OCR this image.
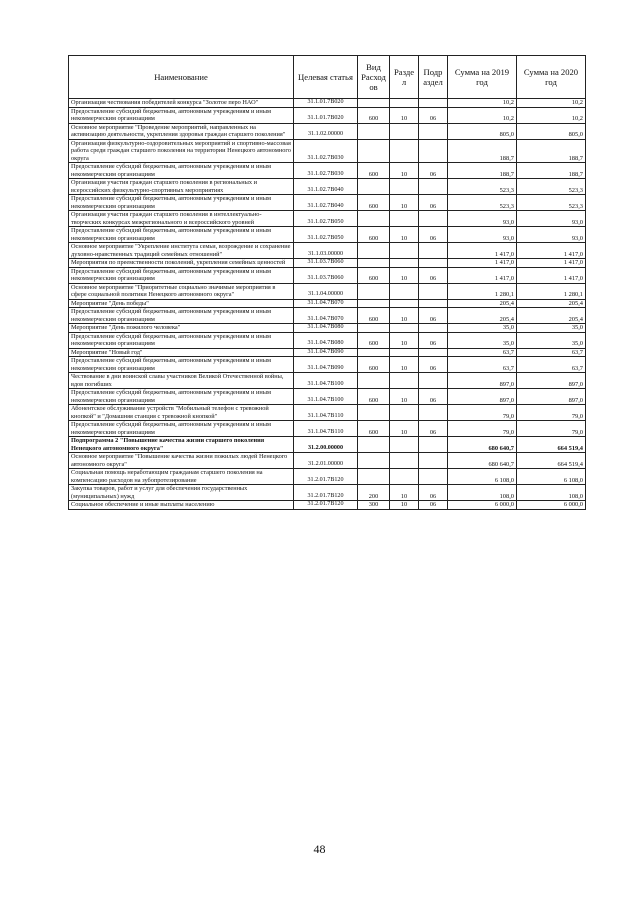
Наименование	Целевая статья	Вид Расход ов	Разде л	Подр аздел	Сумма на 2019 год	Сумма на 2020 год
Организация чествования победителей конкурса "Золотое перо НАО"	31.1.01.7В020				10,2	10,2
Предоставление субсидий бюджетным, автономным учреждениям и иным некоммерческим организациям	31.1.01.7В020	600	10	06	10,2	10,2
Основное мероприятие "Проведение мероприятий, направленных на активизацию деятельности, укрепления здоровья граждан старшего поколения"	31.1.02.00000				805,0	805,0
Организация физкультурно-оздоровительных мероприятий и спортивно-массовая работа среди граждан старшего поколения на территории Ненецкого автономного округа	31.1.02.7В030				188,7	188,7
Предоставление субсидий бюджетным, автономным учреждениям и иным некоммерческим организациям	31.1.02.7В030	600	10	06	188,7	188,7
Организация участия граждан старшего поколения в региональных и всероссийских физкультурно-спортивных мероприятиях	31.1.02.7В040				523,3	523,3
Предоставление субсидий бюджетным, автономным учреждениям и иным некоммерческим организациям	31.1.02.7В040	600	10	06	523,3	523,3
Организация участия граждан старшего поколения в интеллектуально-творческих конкурсах межрегионального и всероссийского уровней	31.1.02.7В050				93,0	93,0
Предоставление субсидий бюджетным, автономным учреждениям и иным некоммерческим организациям	31.1.02.7В050	600	10	06	93,0	93,0
Основное мероприятие "Укрепление института семьи, возрождение и сохранение духовно-нравственных традиций семейных отношений"	31.1.03.00000				1 417,0	1 417,0
Мероприятия по преемственности поколений, укрепления семейных ценностей	31.1.03.7В060				1 417,0	1 417,0
Предоставление субсидий бюджетным, автономным учреждениям и иным некоммерческим организациям	31.1.03.7В060	600	10	06	1 417,0	1 417,0
Основное мероприятие "Приоритетные социально значимые мероприятия в сфере социальной политики Ненецкого автономного округа"	31.1.04.00000				1 280,1	1 280,1
Мероприятие "День победы"	31.1.04.7В070				205,4	205,4
Предоставление субсидий бюджетным, автономным учреждениям и иным некоммерческим организациям	31.1.04.7В070	600	10	06	205,4	205,4
Мероприятие "День пожилого человека"	31.1.04.7В080				35,0	35,0
Предоставление субсидий бюджетным, автономным учреждениям и иным некоммерческим организациям	31.1.04.7В080	600	10	06	35,0	35,0
Мероприятие "Новый год"	31.1.04.7В090				63,7	63,7
Предоставление субсидий бюджетным, автономным учреждениям и иным некоммерческим организациям	31.1.04.7В090	600	10	06	63,7	63,7
Чествование в дни воинской славы участников Великой Отечественной войны, вдов погибших	31.1.04.7В100				897,0	897,0
Предоставление субсидий бюджетным, автономным учреждениям и иным некоммерческим организациям	31.1.04.7В100	600	10	06	897,0	897,0
Абонентское обслуживание устройств "Мобильный телефон с тревожной кнопкой" и "Домашняя станция с тревожной кнопкой"	31.1.04.7В110				79,0	79,0
Предоставление субсидий бюджетным, автономным учреждениям и иным некоммерческим организациям	31.1.04.7В110	600	10	06	79,0	79,0
Подпрограмма 2 "Повышение качества жизни старшего поколения Ненецкого автономного округа"	31.2.00.00000				680 640,7	664 519,4
Основное мероприятие "Повышение качества жизни пожилых людей Ненецкого автономного округа"	31.2.01.00000				680 640,7	664 519,4
Социальная помощь неработающим гражданам старшего поколения на компенсацию расходов на зубопротезирование	31.2.01.7В120				6 108,0	6 108,0
Закупка товаров, работ и услуг для обеспечения государственных (муниципальных) нужд	31.2.01.7В120	200	10	06	108,0	108,0
Социальное обеспечение и иные выплаты населению	31.2.01.7В120	300	10	06	6 000,0	6 000,0
48
